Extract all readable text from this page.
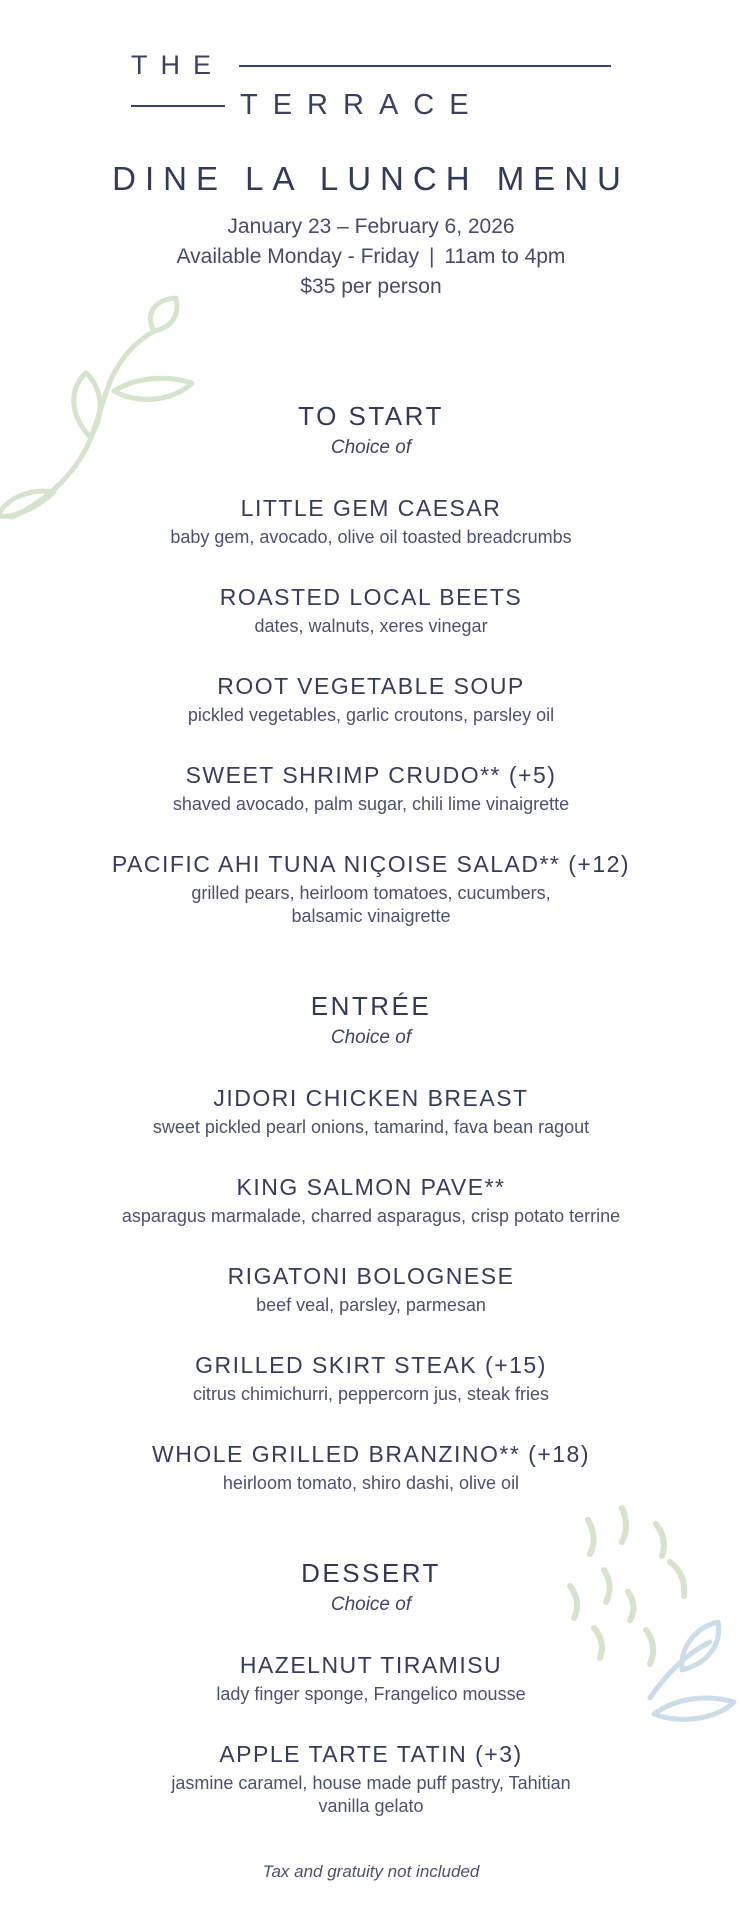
THE
TERRACE
DINE LA LUNCH MENU

January 23 – February 6, 2026

Available Monday - Friday | 11am to 4pm

$35 per person

TO START

Choice of

LITTLE GEM CAESAR

baby gem, avocado, olive oil toasted breadcrumbs

ROASTED LOCAL BEETS

dates, walnuts, xeres vinegar

ROOT VEGETABLE SOUP

pickled vegetables, garlic croutons, parsley oil

SWEET SHRIMP CRUDO** (+5)

shaved avocado, palm sugar, chili lime vinaigrette

PACIFIC AHI TUNA NIÇOISE SALAD** (+12)

grilled pears, heirloom tomatoes, cucumbers, balsamic vinaigrette

ENTRÉE

Choice of

JIDORI CHICKEN BREAST

sweet pickled pearl onions, tamarind, fava bean ragout

KING SALMON PAVE**

asparagus marmalade, charred asparagus, crisp potato terrine

RIGATONI BOLOGNESE

beef veal, parsley, parmesan

GRILLED SKIRT STEAK (+15)

citrus chimichurri, peppercorn jus, steak fries

WHOLE GRILLED BRANZINO** (+18)

heirloom tomato, shiro dashi, olive oil

DESSERT

Choice of

HAZELNUT TIRAMISU

lady finger sponge, Frangelico mousse

APPLE TARTE TATIN (+3)

jasmine caramel, house made puff pastry, Tahitian vanilla gelato

Tax and gratuity not included
